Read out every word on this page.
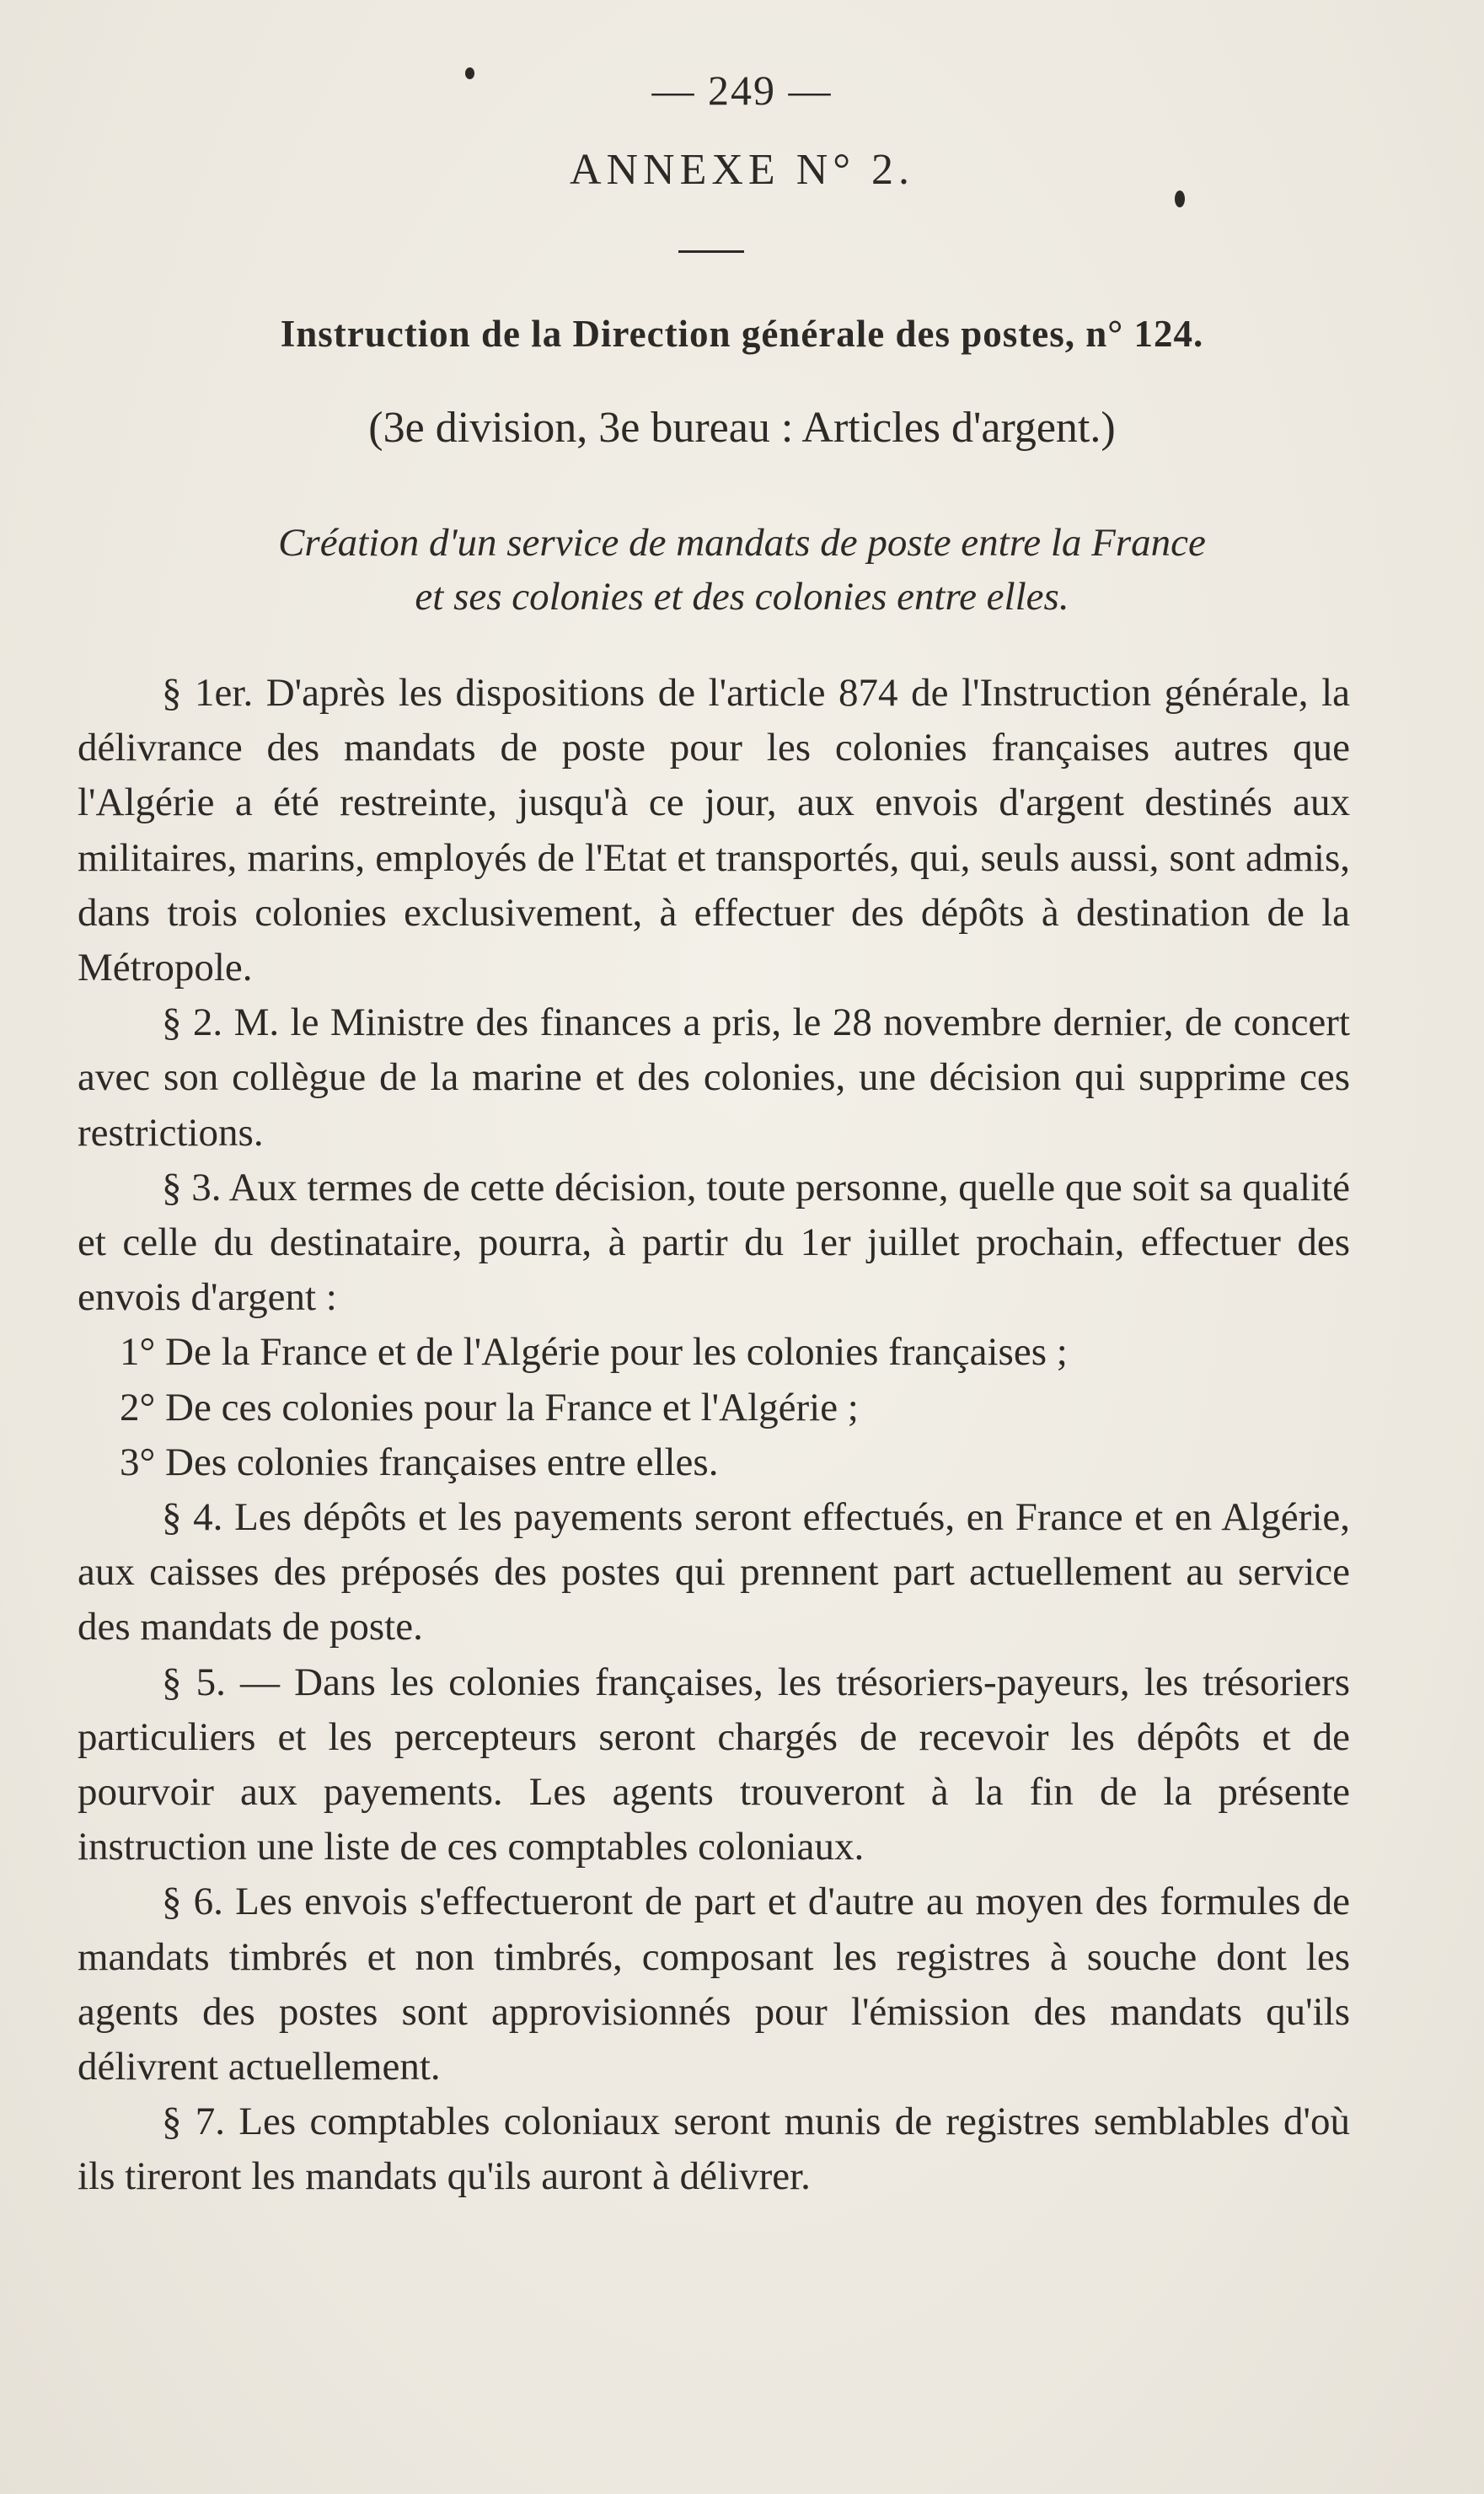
— 249 —
ANNEXE N° 2.
Instruction de la Direction générale des postes, n° 124.
(3e division, 3e bureau : Articles d'argent.)
Création d'un service de mandats de poste entre la France
et ses colonies et des colonies entre elles.

§ 1er. D'après les dispositions de l'article 874 de l'Instruction générale, la délivrance des mandats de poste pour les colonies françaises autres que l'Algérie a été restreinte, jusqu'à ce jour, aux envois d'argent destinés aux militaires, marins, employés de l'Etat et transportés, qui, seuls aussi, sont admis, dans trois colonies exclusivement, à effectuer des dépôts à destination de la Métropole.

§ 2. M. le Ministre des finances a pris, le 28 novembre dernier, de concert avec son collègue de la marine et des colonies, une décision qui supprime ces restrictions.

§ 3. Aux termes de cette décision, toute personne, quelle que soit sa qualité et celle du destinataire, pourra, à partir du 1er juillet prochain, effectuer des envois d'argent :

1° De la France et de l'Algérie pour les colonies françaises ;

2° De ces colonies pour la France et l'Algérie ;

3° Des colonies françaises entre elles.

§ 4. Les dépôts et les payements seront effectués, en France et en Algérie, aux caisses des préposés des postes qui prennent part actuellement au service des mandats de poste.

§ 5. — Dans les colonies françaises, les trésoriers-payeurs, les trésoriers particuliers et les percepteurs seront chargés de recevoir les dépôts et de pourvoir aux payements. Les agents trouveront à la fin de la présente instruction une liste de ces comptables coloniaux.

§ 6. Les envois s'effectueront de part et d'autre au moyen des formules de mandats timbrés et non timbrés, composant les registres à souche dont les agents des postes sont approvisionnés pour l'émission des mandats qu'ils délivrent actuellement.

§ 7. Les comptables coloniaux seront munis de registres semblables d'où ils tireront les mandats qu'ils auront à délivrer.
